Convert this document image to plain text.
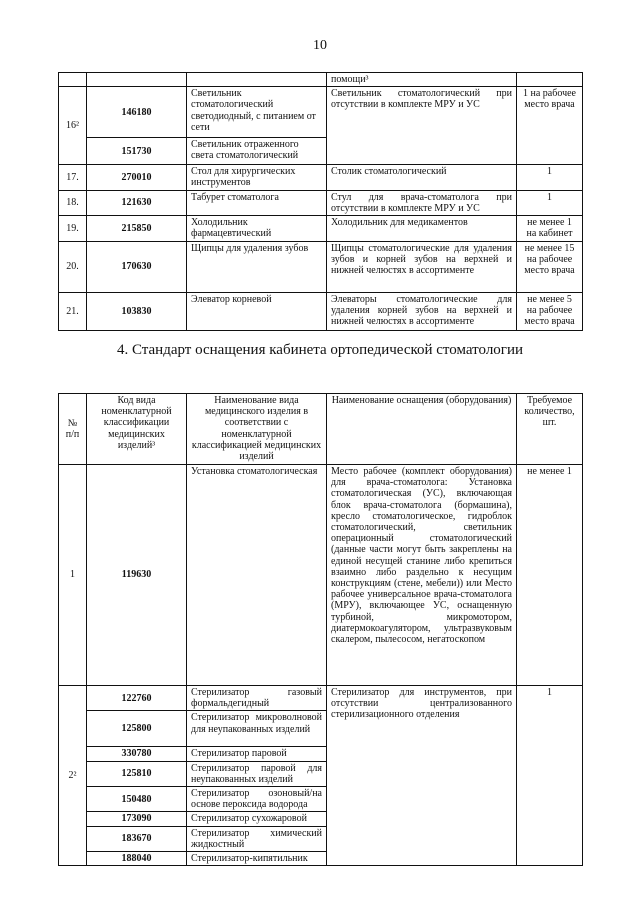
10
			помощи³	
16²	146180	Светильник стоматологический светодиодный, с питанием от сети	Светильник стоматологический при отсутствии в комплекте МРУ и УС	1 на рабочее место врача
	151730	Светильник отраженного света стоматологический		
17.	270010	Стол для хирургических инструментов	Столик стоматологический	1
18.	121630	Табурет стоматолога	Стул для врача-стоматолога при отсутствии в комплекте МРУ и УС	1
19.	215850	Холодильник фармацевтический	Холодильник для медикаментов	не менее 1 на кабинет
20.	170630	Щипцы для удаления зубов	Щипцы стоматологические для удаления зубов и корней зубов на верхней и нижней челюстях в ассортименте	не менее 15 на рабочее место врача
21.	103830	Элеватор корневой	Элеваторы стоматологические для удаления корней зубов на верхней и нижней челюстях в ассортименте	не менее 5 на рабочее место врача
4. Стандарт оснащения кабинета ортопедической стоматологии
№ п/п	Код вида номенклатурной классификации медицинских изделий³	Наименование вида медицинского изделия в соответствии с номенклатурной классификацией медицинских изделий	Наименование оснащения (оборудования)	Требуемое количество, шт.
1	119630	Установка стоматологическая	Место рабочее (комплект оборудования) для врача-стоматолога: Установка стоматологическая (УС), включающая блок врача-стоматолога (бормашина), кресло стоматологическое, гидроблок стоматологический, светильник операционный стоматологический (данные части могут быть закреплены на единой несущей станине либо крепиться взаимно либо раздельно к несущим конструкциям (стене, мебели)) или Место рабочее универсальное врача-стоматолога (МРУ), включающее УС, оснащенную турбиной, микромотором, диатермокоагулятором, ультразвуковым скалером, пылесосом, негатоскопом	не менее 1
2²	122760	Стерилизатор газовый формальдегидный	Стерилизатор для инструментов, при отсутствии централизованного стерилизационного отделения	1
	125800	Стерилизатор микроволновой для неупакованных изделий		
	330780	Стерилизатор паровой		
	125810	Стерилизатор паровой для неупакованных изделий		
	150480	Стерилизатор озоновый/на основе пероксида водорода		
	173090	Стерилизатор сухожаровой		
	183670	Стерилизатор химический жидкостный		
	188040	Стерилизатор-кипятильник		
